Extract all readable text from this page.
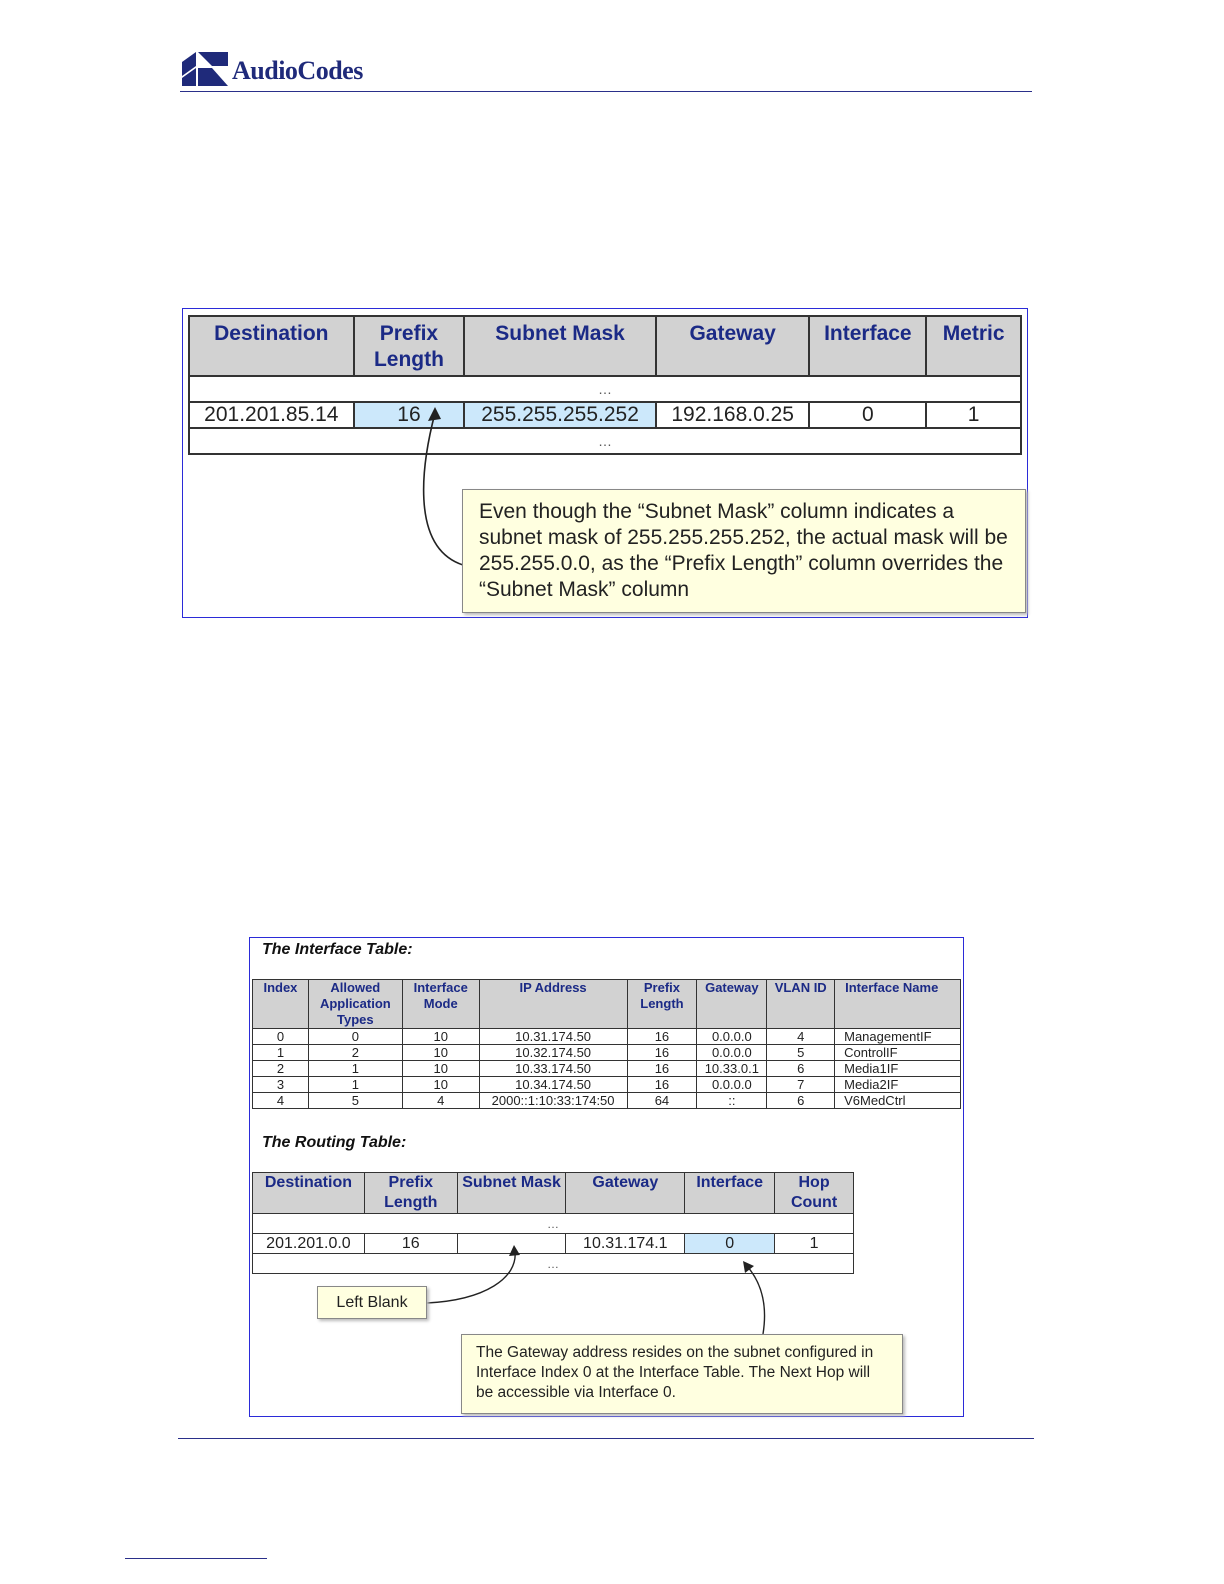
AudioCodes
Destination	Prefix Length	Subnet Mask	Gateway	Interface	Metric
…					
201.201.85.14	16	255.255.255.252	192.168.0.25	0	1
…					
Even though the “Subnet Mask” column indicates a subnet mask of 255.255.255.252, the actual mask will be 255.255.0.0, as the “Prefix Length” column overrides the “Subnet Mask” column
The Interface Table:
Index	Allowed Application Types	Interface Mode	IP Address	Prefix Length	Gateway	VLAN ID	Interface Name
0	0	10	10.31.174.50	16	0.0.0.0	4	ManagementIF
1	2	10	10.32.174.50	16	0.0.0.0	5	ControlIF
2	1	10	10.33.174.50	16	10.33.0.1	6	Media1IF
3	1	10	10.34.174.50	16	0.0.0.0	7	Media2IF
4	5	4	2000::1:10:33:174:50	64	::	6	V6MedCtrl
The Routing Table:
Destination	Prefix Length	Subnet Mask	Gateway	Interface	Hop Count
…					
201.201.0.0	16		10.31.174.1	0	1
…					
Left Blank
The Gateway address resides on the subnet configured in Interface Index 0 at the Interface Table. The Next Hop will be accessible via Interface 0.
